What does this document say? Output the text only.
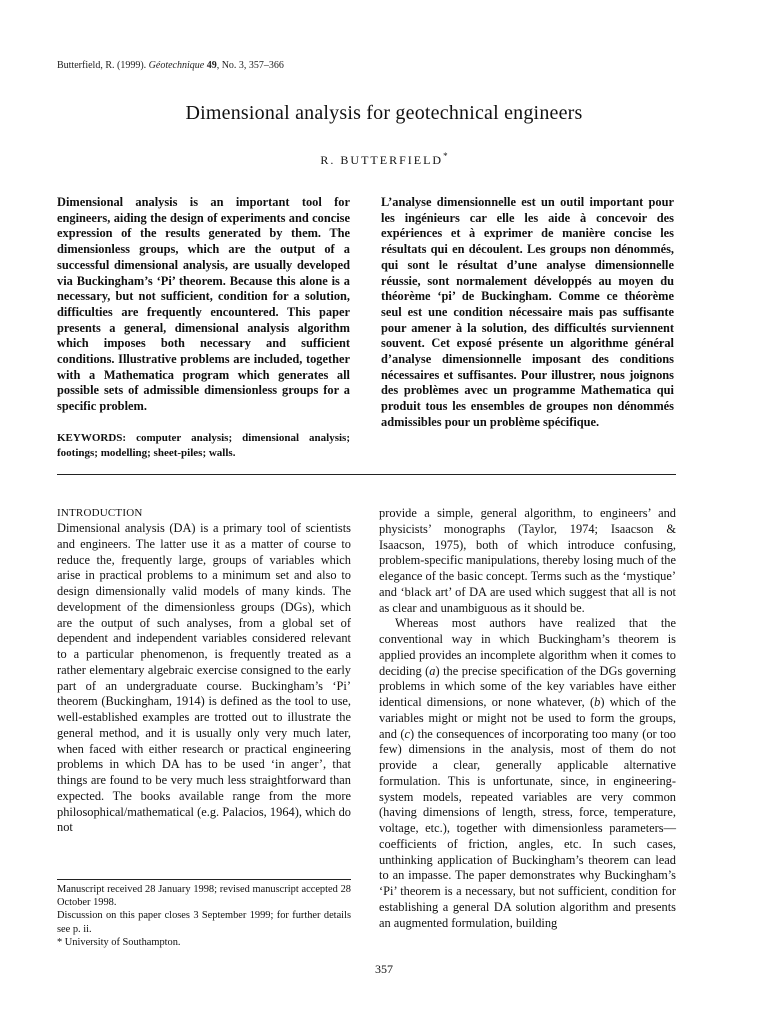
Butterfield, R. (1999). Géotechnique 49, No. 3, 357–366
Dimensional analysis for geotechnical engineers
R. BUTTERFIELD*

Dimensional analysis is an important tool for engineers, aiding the design of experiments and concise expression of the results generated by them. The dimensionless groups, which are the output of a successful dimensional analysis, are usually developed via Buckingham’s ‘Pi’ theorem. Because this alone is a necessary, but not sufficient, condition for a solution, difficulties are frequently encountered. This paper presents a general, dimensional analysis algorithm which imposes both necessary and sufficient conditions. Illustrative problems are included, together with a Mathematica program which generates all possible sets of admissible dimensionless groups for a specific problem.

KEYWORDS: computer analysis; dimensional analysis; footings; modelling; sheet-piles; walls.

L’analyse dimensionnelle est un outil important pour les ingénieurs car elle les aide à concevoir des expériences et à exprimer de manière concise les résultats qui en découlent. Les groups non dénommés, qui sont le résultat d’une analyse dimensionnelle réussie, sont normalement développés au moyen du théorème ‘pi’ de Buckingham. Comme ce théorème seul est une condition nécessaire mais pas suffisante pour amener à la solution, des difficultés surviennent souvent. Cet exposé présente un algorithme général d’analyse dimensionnelle imposant des conditions nécessaires et suffisantes. Pour illustrer, nous joignons des problèmes avec un programme Mathematica qui produit tous les ensembles de groupes non dénommés admissibles pour un problème spécifique.

INTRODUCTION

Dimensional analysis (DA) is a primary tool of scientists and engineers. The latter use it as a matter of course to reduce the, frequently large, groups of variables which arise in practical problems to a minimum set and also to design dimensionally valid models of many kinds. The development of the dimensionless groups (DGs), which are the output of such analyses, from a global set of dependent and independent variables considered relevant to a particular phenomenon, is frequently treated as a rather elementary algebraic exercise consigned to the early part of an undergraduate course. Buckingham’s ‘Pi’ theorem (Buckingham, 1914) is defined as the tool to use, well-established examples are trotted out to illustrate the general method, and it is usually only very much later, when faced with either research or practical engineering problems in which DA has to be used ‘in anger’, that things are found to be very much less straightforward than expected. The books available range from the more philosophical/mathematical (e.g. Palacios, 1964), which do not

provide a simple, general algorithm, to engineers’ and physicists’ monographs (Taylor, 1974; Isaacson & Isaacson, 1975), both of which introduce confusing, problem-specific manipulations, thereby losing much of the elegance of the basic concept. Terms such as the ‘mystique’ and ‘black art’ of DA are used which suggest that all is not as clear and unambiguous as it should be.

Whereas most authors have realized that the conventional way in which Buckingham’s theorem is applied provides an incomplete algorithm when it comes to deciding (a) the precise specification of the DGs governing problems in which some of the key variables have either identical dimensions, or none whatever, (b) which of the variables might or might not be used to form the groups, and (c) the consequences of incorporating too many (or too few) dimensions in the analysis, most of them do not provide a clear, generally applicable alternative formulation. This is unfortunate, since, in engineering-system models, repeated variables are very common (having dimensions of length, stress, force, temperature, voltage, etc.), together with dimensionless parameters—coefficients of friction, angles, etc. In such cases, unthinking application of Buckingham’s theorem can lead to an impasse. The paper demonstrates why Buckingham’s ‘Pi’ theorem is a necessary, but not sufficient, condition for establishing a general DA solution algorithm and presents an augmented formulation, building

Manuscript received 28 January 1998; revised manuscript accepted 28 October 1998.

Discussion on this paper closes 3 September 1999; for further details see p. ii.

* University of Southampton.

357
